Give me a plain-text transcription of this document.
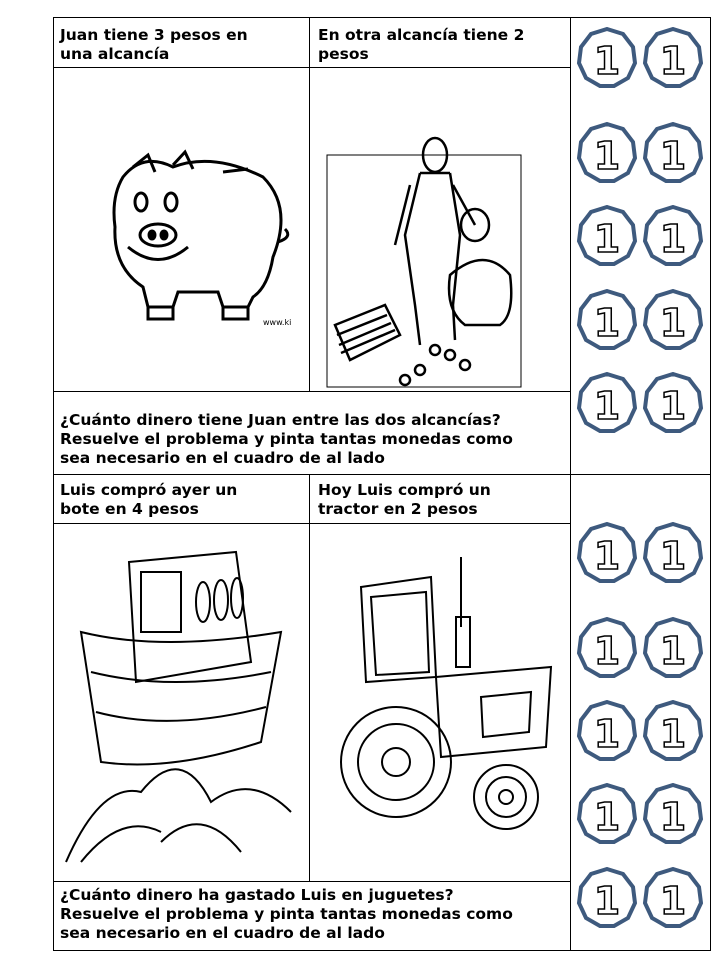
Juan tiene 3 pesos en
una alcancía
En otra alcancía tiene 2
pesos
¿Cuánto dinero tiene Juan entre las dos alcancías?
Resuelve el problema y pinta tantas monedas como
sea necesario en el cuadro de al lado
Luis compró ayer un
bote en 4 pesos
Hoy Luis compró un
tractor en 2 pesos
¿Cuánto dinero ha gastado Luis en juguetes?
Resuelve el problema y pinta tantas monedas como
sea necesario en el cuadro de al lado
www.ki
1 1
1 1
1 1
1 1
1 1
1 1
1 1
1 1
1 1
1 1
